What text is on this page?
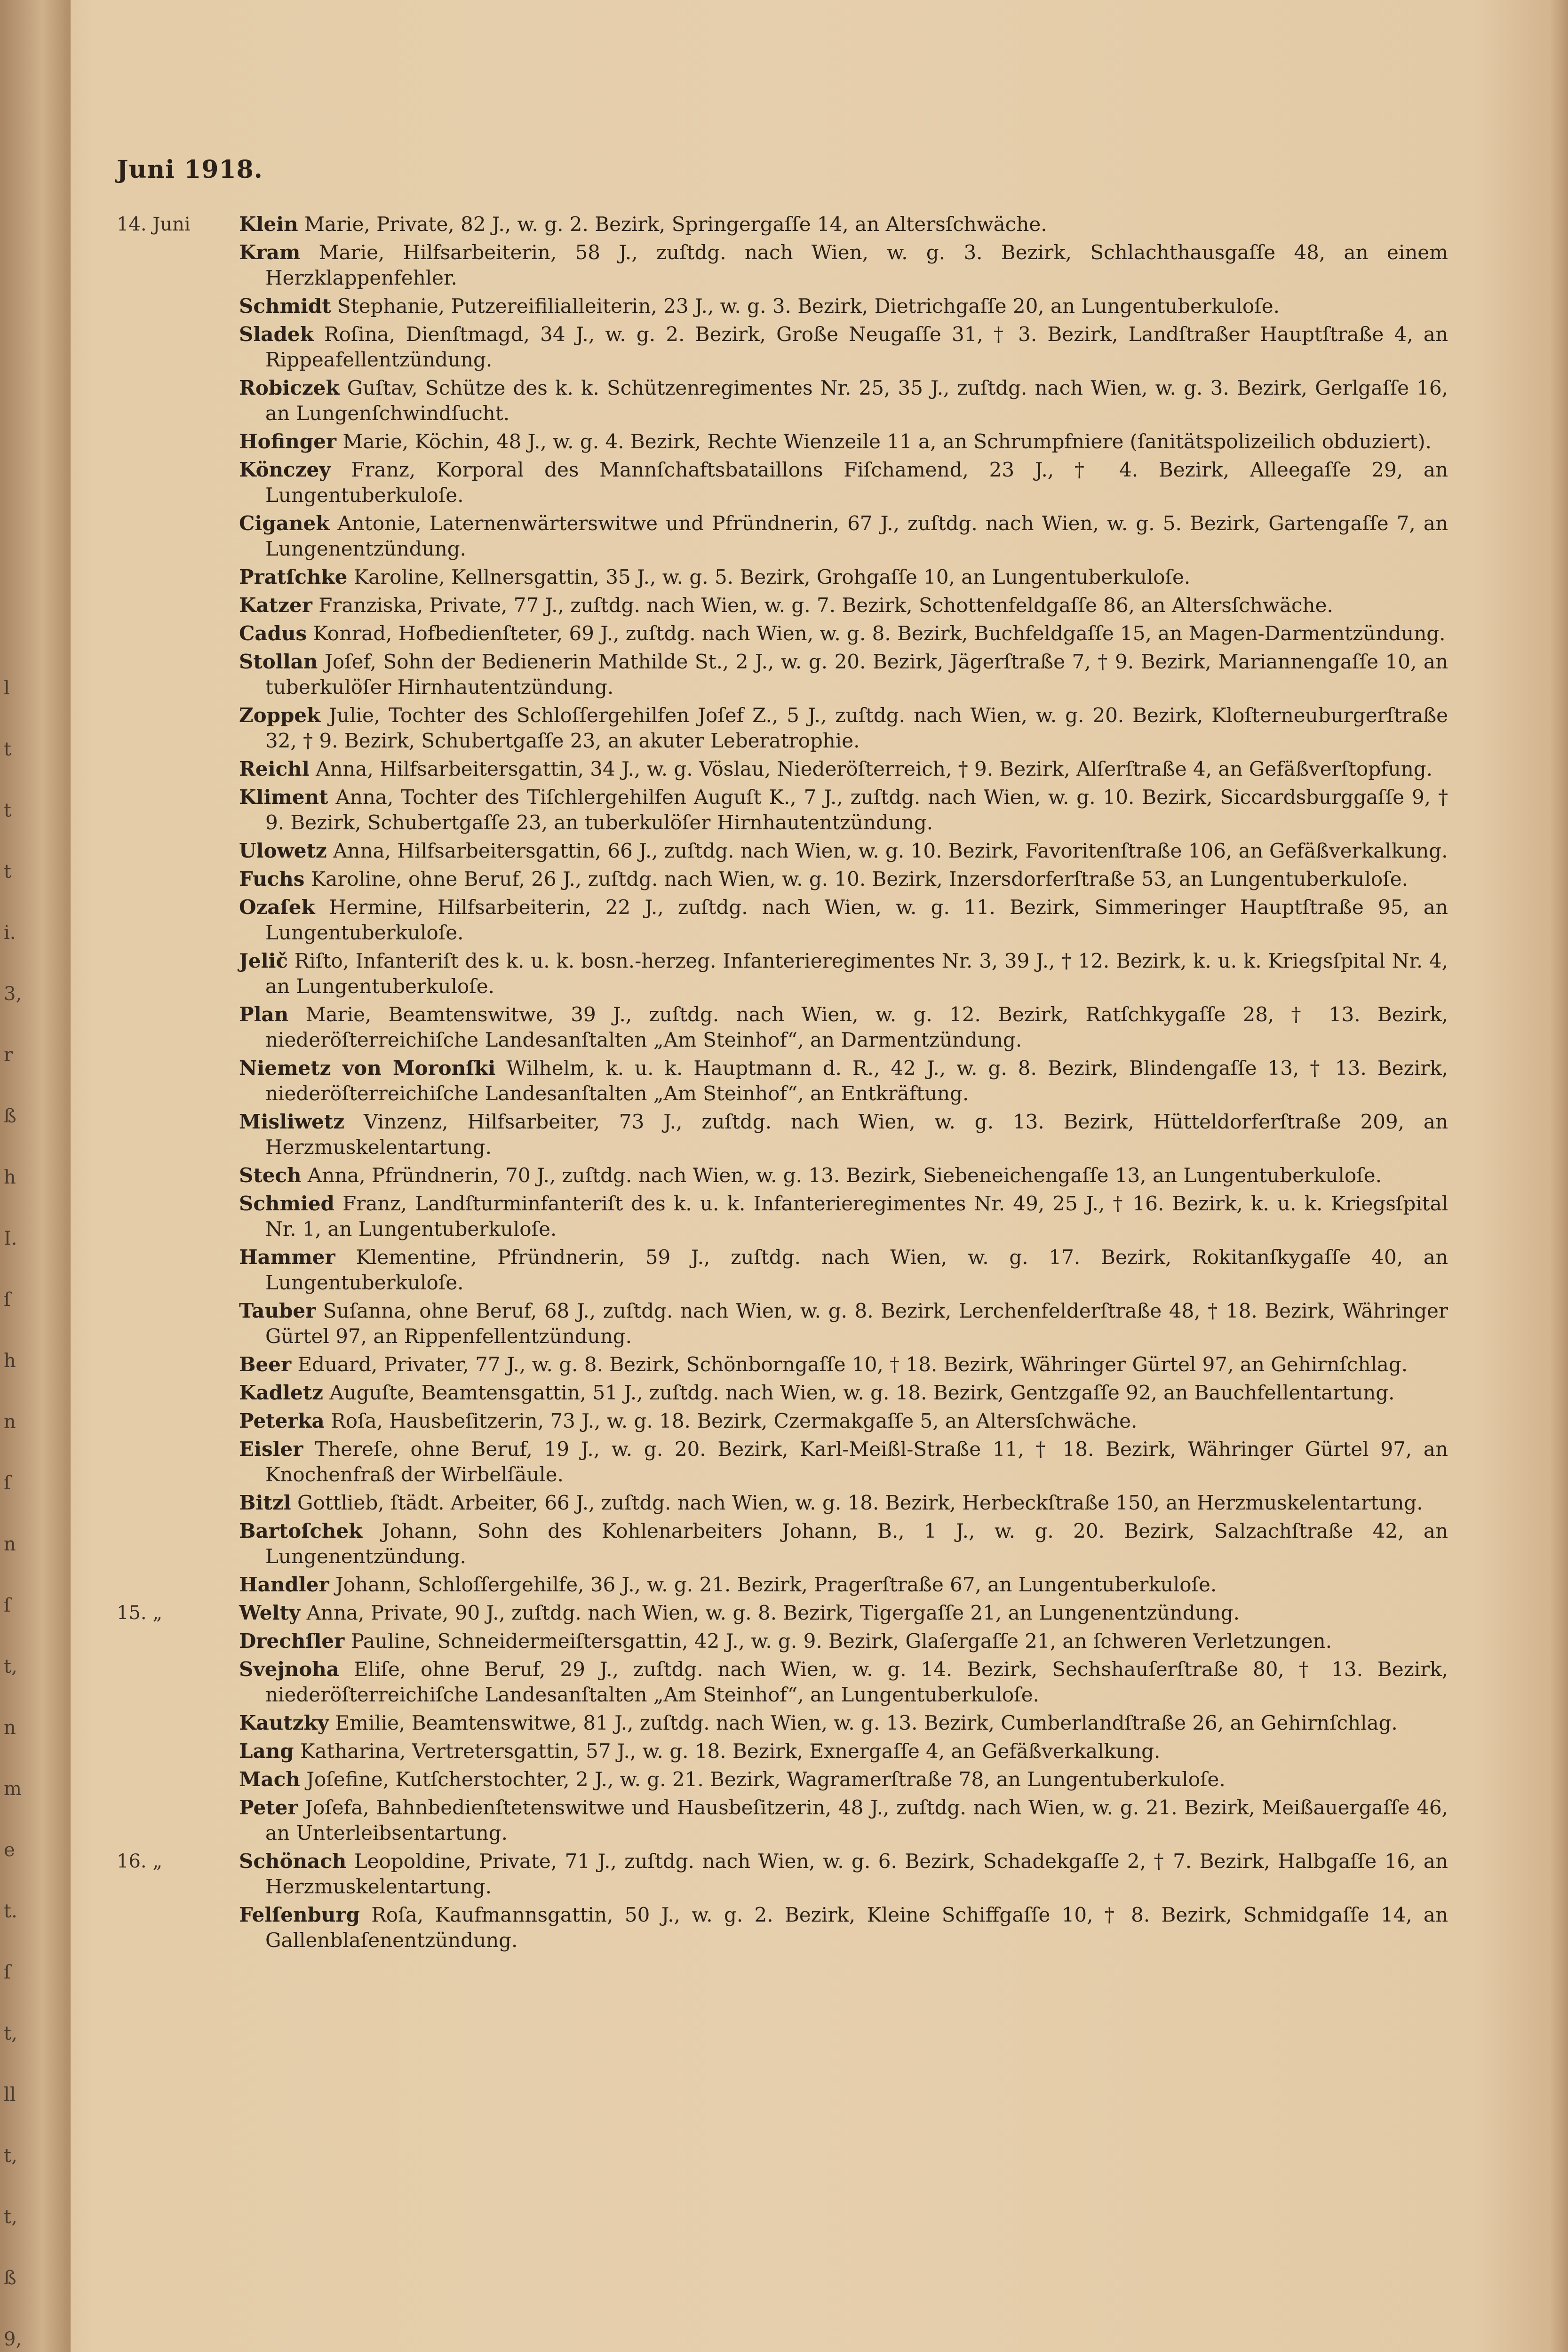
l
t
t
t
i.
3,
r
ß
h
I.
ſ
h
n
ſ
n
ſ
t,
n
m
e
t.
ſ
t,
ll
t,
t,
ß
9,
Juni 1918.
14. Juni	Klein Marie, Private, 82 J., w. g. 2. Bezirk, Springergaſſe 14, an Altersſchwäche.
Kram Marie, Hilfsarbeiterin, 58 J., zuſtdg. nach Wien, w. g. 3. Bezirk, Schlachthausgaſſe 48, an einem Herzklappenfehler.
Schmidt Stephanie, Putzereifilialleiterin, 23 J., w. g. 3. Bezirk, Dietrichgaſſe 20, an Lungentuberkuloſe.
Sladek Roſina, Dienſtmagd, 34 J., w. g. 2. Bezirk, Große Neugaſſe 31, † 3. Bezirk, Landſtraßer Hauptſtraße 4, an Rippeafellentzündung.
Robiczek Guſtav, Schütze des k. k. Schützenregimentes Nr. 25, 35 J., zuſtdg. nach Wien, w. g. 3. Bezirk, Gerlgaſſe 16, an Lungenſchwindſucht.
Hofinger Marie, Köchin, 48 J., w. g. 4. Bezirk, Rechte Wienzeile 11 a, an Schrumpfniere (ſanitätspolizeilich obduziert).
Könczey Franz, Korporal des Mannſchaftsbataillons Fiſchamend, 23 J., † 4. Bezirk, Alleegaſſe 29, an Lungentuberkuloſe.
Ciganek Antonie, Laternenwärterswitwe und Pfründnerin, 67 J., zuſtdg. nach Wien, w. g. 5. Bezirk, Gartengaſſe 7, an Lungenentzündung.
Pratſchke Karoline, Kellnersgattin, 35 J., w. g. 5. Bezirk, Grohgaſſe 10, an Lungentuberkuloſe.
Katzer Franziska, Private, 77 J., zuſtdg. nach Wien, w. g. 7. Bezirk, Schottenfeldgaſſe 86, an Altersſchwäche.
Cadus Konrad, Hofbedienſteter, 69 J., zuſtdg. nach Wien, w. g. 8. Bezirk, Buchfeldgaſſe 15, an Magen-Darmentzündung.
Stollan Joſef, Sohn der Bedienerin Mathilde St., 2 J., w. g. 20. Bezirk, Jägerſtraße 7, † 9. Bezirk, Mariannengaſſe 10, an tuberkulöſer Hirnhautentzündung.
Zoppek Julie, Tochter des Schloſſergehilfen Joſef Z., 5 J., zuſtdg. nach Wien, w. g. 20. Bezirk, Kloſterneuburgerſtraße 32, † 9. Bezirk, Schubertgaſſe 23, an akuter Leberatrophie.
Reichl Anna, Hilfsarbeitersgattin, 34 J., w. g. Vöslau, Niederöſterreich, † 9. Bezirk, Alſerſtraße 4, an Gefäßverſtopfung.
Kliment Anna, Tochter des Tiſchlergehilfen Auguſt K., 7 J., zuſtdg. nach Wien, w. g. 10. Bezirk, Siccardsburggaſſe 9, † 9. Bezirk, Schubertgaſſe 23, an tuberkulöſer Hirnhautentzündung.
Ulowetz Anna, Hilfsarbeitersgattin, 66 J., zuſtdg. nach Wien, w. g. 10. Bezirk, Favoritenſtraße 106, an Gefäßverkalkung.
Fuchs Karoline, ohne Beruf, 26 J., zuſtdg. nach Wien, w. g. 10. Bezirk, Inzersdorferſtraße 53, an Lungentuberkuloſe.
Ozaſek Hermine, Hilfsarbeiterin, 22 J., zuſtdg. nach Wien, w. g. 11. Bezirk, Simmeringer Hauptſtraße 95, an Lungentuberkuloſe.
Jelič Riſto, Infanteriſt des k. u. k. bosn.-herzeg. Infanterieregimentes Nr. 3, 39 J., † 12. Bezirk, k. u. k. Kriegsſpital Nr. 4, an Lungentuberkuloſe.
Plan Marie, Beamtenswitwe, 39 J., zuſtdg. nach Wien, w. g. 12. Bezirk, Ratſchkygaſſe 28, † 13. Bezirk, niederöſterreichiſche Landesanſtalten „Am Steinhof“, an Darmentzündung.
Niemetz von Moronſki Wilhelm, k. u. k. Hauptmann d. R., 42 J., w. g. 8. Bezirk, Blindengaſſe 13, † 13. Bezirk, niederöſterreichiſche Landesanſtalten „Am Steinhof“, an Entkräftung.
Misliwetz Vinzenz, Hilfsarbeiter, 73 J., zuſtdg. nach Wien, w. g. 13. Bezirk, Hütteldorferſtraße 209, an Herzmuskelentartung.
Stech Anna, Pfründnerin, 70 J., zuſtdg. nach Wien, w. g. 13. Bezirk, Siebeneichengaſſe 13, an Lungentuberkuloſe.
Schmied Franz, Landſturminfanteriſt des k. u. k. Infanterieregimentes Nr. 49, 25 J., † 16. Bezirk, k. u. k. Kriegsſpital Nr. 1, an Lungentuberkuloſe.
Hammer Klementine, Pfründnerin, 59 J., zuſtdg. nach Wien, w. g. 17. Bezirk, Rokitanſkygaſſe 40, an Lungentuberkuloſe.
Tauber Suſanna, ohne Beruf, 68 J., zuſtdg. nach Wien, w. g. 8. Bezirk, Lerchenfelderſtraße 48, † 18. Bezirk, Währinger Gürtel 97, an Rippenfellentzündung.
Beer Eduard, Privater, 77 J., w. g. 8. Bezirk, Schönborngaſſe 10, † 18. Bezirk, Währinger Gürtel 97, an Gehirnſchlag.
Kadletz Auguſte, Beamtensgattin, 51 J., zuſtdg. nach Wien, w. g. 18. Bezirk, Gentzgaſſe 92, an Bauchfellentartung.
Peterka Roſa, Hausbeſitzerin, 73 J., w. g. 18. Bezirk, Czermakgaſſe 5, an Altersſchwäche.
Eisler Thereſe, ohne Beruf, 19 J., w. g. 20. Bezirk, Karl-Meißl-Straße 11, † 18. Bezirk, Währinger Gürtel 97, an Knochenfraß der Wirbelſäule.
Bitzl Gottlieb, ſtädt. Arbeiter, 66 J., zuſtdg. nach Wien, w. g. 18. Bezirk, Herbeckſtraße 150, an Herzmuskelentartung.
Bartoſchek Johann, Sohn des Kohlenarbeiters Johann, B., 1 J., w. g. 20. Bezirk, Salzachſtraße 42, an Lungenentzündung.
Handler Johann, Schloſſergehilfe, 36 J., w. g. 21. Bezirk, Pragerſtraße 67, an Lungentuberkuloſe.
15. „	Welty Anna, Private, 90 J., zuſtdg. nach Wien, w. g. 8. Bezirk, Tigergaſſe 21, an Lungenentzündung.
Drechſler Pauline, Schneidermeiſtersgattin, 42 J., w. g. 9. Bezirk, Glaſergaſſe 21, an ſchweren Verletzungen.
Svejnoha Eliſe, ohne Beruf, 29 J., zuſtdg. nach Wien, w. g. 14. Bezirk, Sechshauſerſtraße 80, † 13. Bezirk, niederöſterreichiſche Landesanſtalten „Am Steinhof“, an Lungentuberkuloſe.
Kautzky Emilie, Beamtenswitwe, 81 J., zuſtdg. nach Wien, w. g. 13. Bezirk, Cumberlandſtraße 26, an Gehirnſchlag.
Lang Katharina, Vertretersgattin, 57 J., w. g. 18. Bezirk, Exnergaſſe 4, an Gefäßverkalkung.
Mach Joſefine, Kutſcherstochter, 2 J., w. g. 21. Bezirk, Wagramerſtraße 78, an Lungentuberkuloſe.
Peter Joſefa, Bahnbedienſtetenswitwe und Hausbeſitzerin, 48 J., zuſtdg. nach Wien, w. g. 21. Bezirk, Meißauergaſſe 46, an Unterleibsentartung.
16. „	Schönach Leopoldine, Private, 71 J., zuſtdg. nach Wien, w. g. 6. Bezirk, Schadekgaſſe 2, † 7. Bezirk, Halbgaſſe 16, an Herzmuskelentartung.
Felſenburg Roſa, Kaufmannsgattin, 50 J., w. g. 2. Bezirk, Kleine Schiffgaſſe 10, † 8. Bezirk, Schmidgaſſe 14, an Gallenblaſenentzündung.
